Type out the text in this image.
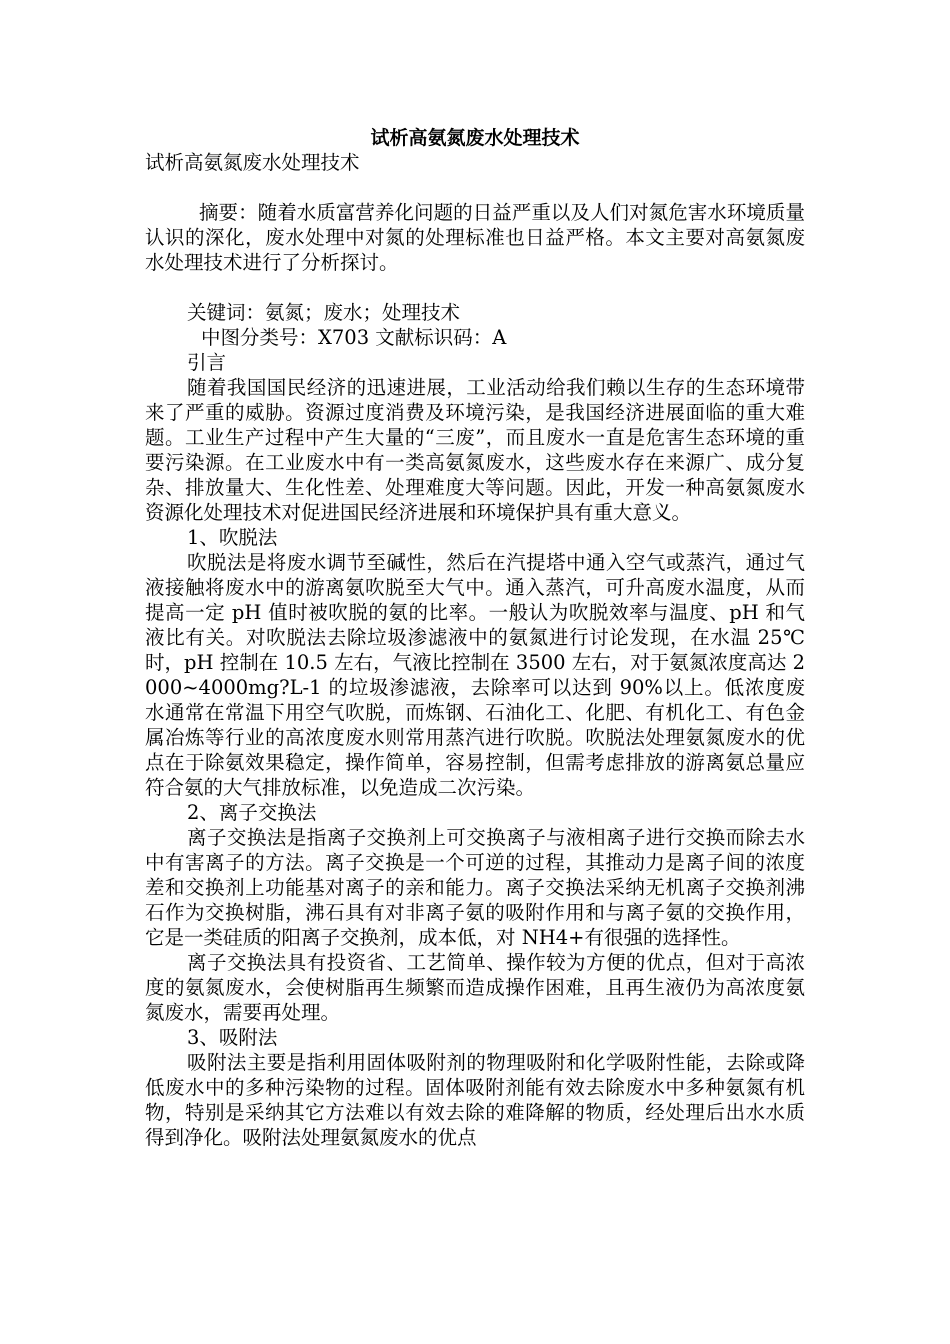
试析高氨氮废水处理技术

试析高氨氮废水处理技术

摘要：随着水质富营养化问题的日益严重以及人们对氮危害水环境质量认识的深化，废水处理中对氮的处理标准也日益严格。本文主要对高氨氮废水处理技术进行了分析探讨。

关键词：氨氮；废水；处理技术

中图分类号：X703 文献标识码：A

引言

随着我国国民经济的迅速进展，工业活动给我们赖以生存的生态环境带来了严重的威胁。资源过度消费及环境污染，是我国经济进展面临的重大难题。工业生产过程中产生大量的“三废”，而且废水一直是危害生态环境的重要污染源。在工业废水中有一类高氨氮废水，这些废水存在来源广、成分复杂、排放量大、生化性差、处理难度大等问题。因此，开发一种高氨氮废水资源化处理技术对促进国民经济进展和环境保护具有重大意义。

1、吹脱法

吹脱法是将废水调节至碱性，然后在汽提塔中通入空气或蒸汽，通过气液接触将废水中的游离氨吹脱至大气中。通入蒸汽，可升高废水温度，从而提高一定 pH 值时被吹脱的氨的比率。一般认为吹脱效率与温度、pH 和气液比有关。对吹脱法去除垃圾渗滤液中的氨氮进行讨论发现，在水温 25℃时，pH 控制在 10.5 左右，气液比控制在 3500 左右，对于氨氮浓度高达 2000~4000mg?L-1 的垃圾渗滤液，去除率可以达到 90%以上。低浓度废水通常在常温下用空气吹脱，而炼钢、石油化工、化肥、有机化工、有色金属冶炼等行业的高浓度废水则常用蒸汽进行吹脱。吹脱法处理氨氮废水的优点在于除氨效果稳定，操作简单，容易控制，但需考虑排放的游离氨总量应符合氨的大气排放标准，以免造成二次污染。

2、离子交换法

离子交换法是指离子交换剂上可交换离子与液相离子进行交换而除去水中有害离子的方法。离子交换是一个可逆的过程，其推动力是离子间的浓度差和交换剂上功能基对离子的亲和能力。离子交换法采纳无机离子交换剂沸石作为交换树脂，沸石具有对非离子氨的吸附作用和与离子氨的交换作用，它是一类硅质的阳离子交换剂，成本低，对 NH4+有很强的选择性。

离子交换法具有投资省、工艺简单、操作较为方便的优点，但对于高浓度的氨氮废水，会使树脂再生频繁而造成操作困难，且再生液仍为高浓度氨氮废水，需要再处理。

3、吸附法

吸附法主要是指利用固体吸附剂的物理吸附和化学吸附性能，去除或降低废水中的多种污染物的过程。固体吸附剂能有效去除废水中多种氨氮有机物，特别是采纳其它方法难以有效去除的难降解的物质，经处理后出水水质得到净化。吸附法处理氨氮废水的优点
